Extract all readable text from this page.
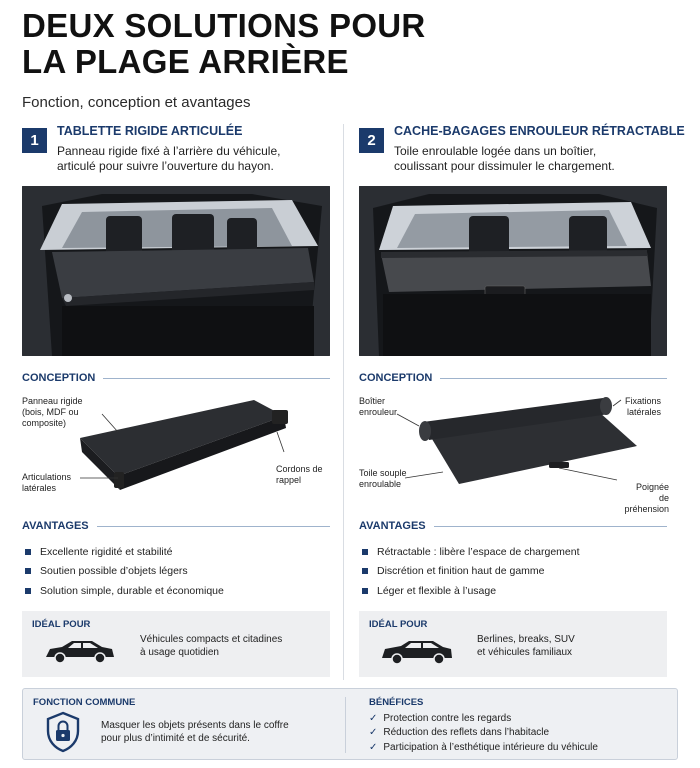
DEUX SOLUTIONS POUR
LA PLAGE ARRIÈRE
Fonction, conception et avantages
1
TABLETTE RIGIDE ARTICULÉE
Panneau rigide fixé à l’arrière du véhicule,
articulé pour suivre l’ouverture du hayon.
CONCEPTION
Panneau rigide
(bois, MDF ou
composite)
Cordons de
rappel
Articulations
latérales
AVANTAGES
Excellente rigidité et stabilité
Soutien possible d’objets légers
Solution simple, durable et économique
IDÉAL POUR
Véhicules compacts et citadines
à usage quotidien
2
CACHE-BAGAGES ENROULEUR RÉTRACTABLE
Toile enroulable logée dans un boîtier,
coulissant pour dissimuler le chargement.
CONCEPTION
Boîtier
enrouleur
Fixations
latérales
Toile souple
enroulable	Poignée
de préhension
AVANTAGES
Rétractable : libère l’espace de chargement
Discrétion et finition haut de gamme
Léger et flexible à l’usage
IDÉAL POUR
Berlines, breaks, SUV
et véhicules familiaux
FONCTION COMMUNE
Masquer les objets présents dans le coffre
pour plus d’intimité et de sécurité.
BÉNÉFICES
✓ Protection contre les regards
✓ Réduction des reflets dans l’habitacle
✓ Participation à l’esthétique intérieure du véhicule
